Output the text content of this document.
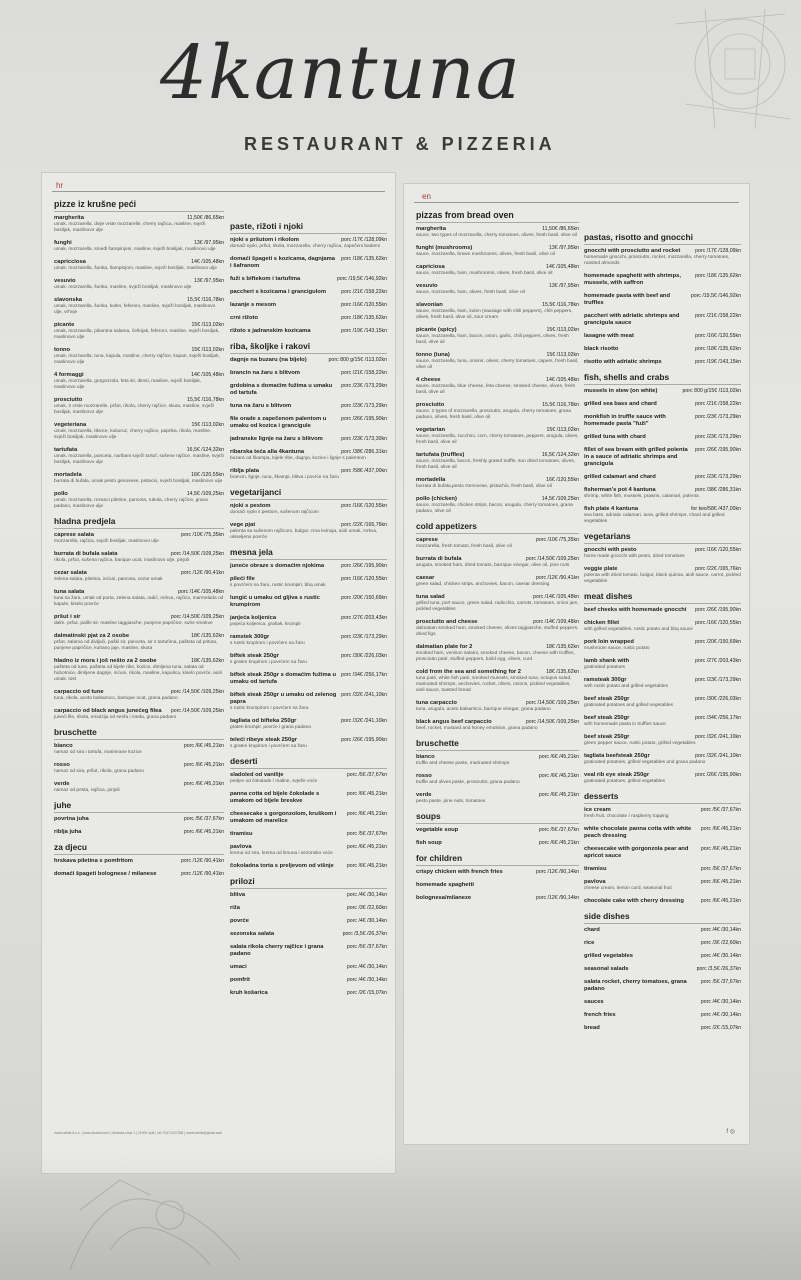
4kantuna
RESTAURANT & PIZZERIA
hr
pizze iz krušne peći
margherita	11,50€ /86,65kn
umak, mozzarella, dvije vrste mozzarelle, cherry rajčica, masline, svježi bosiljak, maslinovo ulje
funghi	13€ /97,95kn
umak, mozzarella, smeđi šampinjoni, masline, svježi bosiljak, maslinovo ulje
capricciosa	14€ /105,48kn
umak, mozzarella, šunka, šampinjoni, masline, svježi bosiljak, maslinovo ulje
vesuvio	13€ /97,95kn
umak, mozzarella, šunka, masline, svježi bosiljak, maslinovo ulje
slavonska	15,5€ /116,78kn
umak, mozzarella, šunka, kulen, feferoni, masline, svježi bosiljak, maslinovo ulje, vrhnje
picante	15€ /113,02kn
umak, mozzarella, pikantna salama, češnjak, feferoni, masline, svježi bosiljak, maslinovo ulje
tonno	15€ /113,02kn
umak, mozzarella, tuna, kapula, masline, cherry rajčice, kapari, svježi bosiljak, maslinovo ulje
4 formaggi	14€ /105,48kn
umak, mozzarella, gorgonzola, feta sir, dimsi, masline, svježi bosiljak, maslinovo ulje
prosciutto	15,5€ /116,78kn
umak, 2 vrste mozzarelle, pršut, rikola, cherry rajčice, skuta, masline, svježi bosiljak, maslinovo ulje
vegeteriana	15€ /113,02kn
umak, mozzarella, tikvice, kukuruz, cherry rajčice, paprika, rikola, masline, svježi bosiljak, maslinovo ulje
tartufata	16,5€ /124,32kn
umak, mozzarella, panceta, naribani svježi tartuf, sušene rajčice, masline, svježi bosiljak, maslinovo ulje
mortadela	16€ /120,55kn
burrata di bufala, umak pesto genovese, pistacio, svježi bosiljak, maslinovo ulje
pollo	14,5€ /109,25kn
umak, mozzarella, rezanci piletine, panceta, rukola, cherry rajčice, grana padano, maslinovo ulje
hladna predjela
caprese salata	porc /10€ /75,35kn
mozzarella, rajčica, svježi bosiljak, maslinovo ulje
burrata di bufala salata	porc /14,50€ /109,25kn
rikola, pršut, sušena rajčica, barique ocat, maslinovo ulje, pinjoli
cezar salata	porc /12€ /90,41kn
zelena salata, piletina, inćuni, panceta, cezar umak
tuna salata	porc /14€ /105,48kn
tuna sa žara, umak od porta, zelena salata, radić, mrkva, rajčica, marmelada od kapule, kiselo povrće
pršut i sir	porc /14,50€ /109,25kn
dalm. pršut, paški sir, masline taggiasche, punjene papričice, suhe smokve
dalmatinski pjat za 2 osobe	18€ /135,62kn
pršut, salama od divljači, paški sir, panceta, sir s tartufima, pašteta od prituta, punjene papričice, kuhano jaje, masline, skuta
hladno iz mora i još nešto za 2 osobe	18€ /135,62kn
pašteta od tune, pašteta od bijele ribe, kozice, dimljena tuna, salata od hobotnice, dimljene dagnje, inćuni, rikola, masline, kapulica, kiselo povrće, aioli umak, tost
carpaccio od tune	porc /14,50€ /109,25kn
tuna, rikola, aceto balsamico, barrique ocat, grana padano
carpaccio od black angus junećeg filea porc /14,50€ /109,25kn
juneći file, rikola, emulzija od senfa i meda, grana padano
bruschette
bianco	porc /6€ /45,21kn
namaz od sira i tartufa, marinirane kozice
rosso	porc /6€ /45,21kn
namaz od sira, pršut, rikola, grana padano
verde	porc /6€ /45,21kn
namaz od pesta, rajčica, pinjoli
juhe
povrtna juha	porc /5€ /37,67kn
riblja juha	porc /6€ /45,21kn
za djecu
hrskava piletina s pomfritom	porc /12€ /90,41kn
domaći špageti bolognese / milanese	porc /12€ /90,41kn
paste, rižoti i njoki
njoki s pršutom i rikolom	porc /17€ /128,09kn
domaći njoki, pršut, rikola, mozzarella, cherry rajčica, zapečeni bademi
domaći špageti s kozicama, dagnjama i šafranom
porc /18€ /135,62kn
fuži s biftekom i tartufima	porc /19,5€ /146,92kn
paccheri s kozicama i grancigulom	porc /21€ /158,22kn
lazanje s mesom	porc /16€ /120,55kn
crni rižoto	porc /18€ /135,62kn
rižoto s jadranskim kozicama	porc /19€ /143,15kn
riba, školjke i rakovi
dagnje na buzaru (na bijelo)	porc 800 g/15€ /113,02kn
brancin na žaru s blitvom	porc /21€ /158,22kn
grdobina s domaćim fužima u umaku od tartufa
porc /23€ /173,29kn
tuna na žaru s blitvom	porc /23€ /173,29kn
file orade s zapečenom palentom u umaku od kozica i grancigule
porc /26€ /195,90kn
jadranske lignje na žaru s blitvom	porc /23€ /173,30kn
ribarska teća alla 4kantuna	porc /38€ /286,31kn
buzara od škampa, bijele ribe, dagnja, kozice i lignje s palentom
riblja plata	porc /58€ /437,00kn
brancin, lignje, tuna, škampi, blitva i povrće na žaru
vegetarijanci
njoki s pestom	porc /16€ /120,55kn
domaći njoki s pestom, sušenom rajčicom
vege pjat	porc /22€ /165,76kn
palenta sa sušenom rajčicom, bulgur, crna kvinoja, aioli umak, mrkva, ukiseljeno povrće
mesna jela
juneće obraze s domaćim njokima	porc /26€ /195,90kn
pileći file	porc /16€ /120,55kn
s povrćem na žaru, rustic krumpiri, bbq umak
lungić u umaku od gljiva s rustic krumpirom
porc /20€ /150,69kn
janjeća koljenica	porc /27€ /203,43kn
janjeća koljenica, grašak, krumpir
ramstek 300gr	porc /23€ /173,29kn
s rustic krupirom i povrćem na žaru
biftek steak 250gr	porc /30€ /226,03kn
s graten krupirom i povrćem na žaru
biftek steak 250gr s domaćim fužima u umaku od tartufa
porc /34€ /256,17kn
biftek steak 250gr u umaku od zelenog papra
porc /32€ /241,10kn
s rustic krumpirom i povrćem sa žara
tagliata od bifteka 250gr	porc /32€ /241,10kn
graten krumpir, povrće i grana padano
teleći ribeye steak 250gr	porc /26€ /195,90kn
s graten krupirom i povrćem na žaru
deserti
sladoled od vanilije	porc /5€ /37,67kn
preljev od čokolade / maline, svježe voće
panna cotta od bijele čokolade s umakom od bijele breskve
porc /6€ /45,21kn
cheesecake s gorgonzolom, kruškom i umakom od marelice
porc /6€ /45,21kn
tiramisu	porc /5€ /37,67kn
pavlova	porc /6€ /45,21kn
krema od sira, krema od limuna i sezonsko voće
čokoladna torta s preljevom od višnje	porc /6€ /45,21kn
prilozi
blitva	porc /4€ /30,14kn
riža	porc /3€ /22,60kn
povrće	porc /4€ /30,14kn
sezonska salata	porc /3,5€ /26,37kn
salata rikola cherry rajčice i grana padano
porc /5€ /37,67kn
umaci	porc /4€ /30,14kn
pomfrit	porc /4€ /30,14kn
kruh košarica	porc /2€ /15,07kn
marin stella d.o.o. | www.4kantuna.hr | ribarska ulica 1 | 21000 split | oib 70471007258 | marin.stella@gmail.com
en
pizzas from bread oven
margherita	11,50€ /86,65kn
sauce, two types of mozzarella, cherry tomatoes, olives, fresh basil, olive oil
funghi (mushrooms)	13€ /97,95kn
sauce, mozzarella, brown mushrooms, olives, fresh basil, olive oil
capriciosa	14€ /105,48kn
sauce, mozzarella, ham, mushrooms, olives, fresh basil, olive oil
vesuvio	13€ /97,95kn
sauce, mozzarella, ham, olives, fresh basil, olive oil
slavonian	15,5€ /116,78kn
sauce, mozzarella, ham, kulen (sausage with chili peppers), chili peppers, olives, fresh basil, olive oil, sour cream
picante (spicy)	15€ /113,02kn
sauce, mozzarella, ham, bacon, onion, garlic, chili peppers, olives, fresh basil, olive oil
tonno (tuna)	15€ /113,02kn
sauce, mozzarella, tuna, onions, olives, cherry tomatoes, capers, fresh basil, olive oil
4 cheese	14€ /105,48kn
sauce, mozzarella, blue cheese, feta cheese, smoked cheese, olives, fresh basil, olive oil
prosciutto	15,5€ /116,78kn
sauce, 2 types of mozzarella, prosciutto, arugula, cherry tomatoes, grana padano, olives, fresh basil, olive oil
vegetarian	15€ /113,02kn
sauce, mozzarella, zucchini, corn, cherry tomatoes, peppers, arugula, olives, fresh basil, olive oil
tartufata (truffles)	16,5€ /124,32kn
sauce, mozzarella, bacon, freshly grated truffle, sun dried tomatoes, olives, fresh basil, olive oil
mortadella	16€ /120,55kn
burrata di bufala,pesto Genovese, pistachio, fresh basil, olive oil
pollo (chicken)	14,5€ /109,25kn
sauce, mozzarella, chicken strips, bacon, arugula, cherry tomatoes, grana padano, olive oil
cold appetizers
caprese	porc /10€ /75,35kn
mozzarella, fresh tomato, fresh basil, olive oil
burrata di bufala	porc /14,50€ /109,25kn
arugula, smoked ham, dried tomato, barrique vinegar, olive oil, pine nuts
caesar	porc /12€ /90,41kn
green salad, chicken strips, anchovies, bacon, caesar dressing
tuna salad	porc /14€ /105,48kn
grilled tuna, port sauce, green salad, radicchio, carrots, tomatoes, onion jam, pickled vegetables
prosciutto and cheese	porc /14€ /109,48kn
dalmatian smoked ham, smoked cheese, olives taggiasche, stuffed peppers, dried figs
dalmatian plate for 2	18€ /135,62kn
smoked ham, venison salami, smoked cheese, bacon, cheese with truffles, prosciutto paté, stuffed peppers, boild egg, olives, curd
cold from the sea and something for 2	18€ /135,62kn
tuna paté, white fish paté, smoked mussels, smoked tuna, octopus salad, marinated shrimps, anchovies, rocket, olives, onions, pickled vegetables, aioli sauce, toasted bread
tuna carpaccio	porc /14,50€ /109,25kn
tuna, arugula, aceto balsamico, barrique vinegar, grana padano
black angus beef carpaccio	porc /14,50€ /109,25kn
beef, rocket, mustard and honey emulsion, grana padano
bruschette
bianco	porc /6€ /45,21kn
truffle and cheese paste, marinated shrimps
rosso	porc /6€ /45,21kn
truffle and olives paste, prosciutto, grana padano
verde	porc /6€ /45,21kn
pesto paste, pine nuts, tomatoes
soups
vegetable soup	porc /5€ /37,67kn
fish soup	porc /6€ /45,21kn
for children
crispy chicken with french fries	porc /12€ /90,14kn
homemade spaghetti
bolognesa/milaneze	porc /12€ /90,14kn
pastas, risotto and gnocchi
gnocchi with prosciutto and rocket	porc /17€ /128,09kn
homemade gnocchi, prosciutto, rocket, mozzarella, cherry tomatoes, roasted almonds
homemade spaghetti with shrimps, mussels, with saffron
porc /18€ /135,62kn
homemade pasta with beef and truffles
porc /19,5€ /146,92kn
paccheri with adriatic shrimps and grancigula sauce
porc /21€ /158,22kn
lasagne with meat	porc /16€ /120,55kn
black risotto	porc /18€ /135,62kn
risotto with adriatic shrimps	porc /19€ /143,15kn
fish, shells and crabs
mussels in stew (on white)	porc 800 g/15€ /113,02kn
grilled sea bass and chard	porc /21€ /158,22kn
monkfish in truffle sauce with homemade pasta "fuži"
porc /23€ /173,29kn
grilled tuna with chard	porc /23€ /173,29kn
fillet of sea bream with grilled polenta in a sauce of adriatic shrimps and grancigula
porc /26€ /195,90kn
grilled calamari and chard	porc /23€ /173,29kn
fisherman's pot 4 kantuna	porc /38€ /286,31kn
shrimp, white fish, mussels, prawns, calamari, polenta
fish plate 4 kantuna	for two/58€ /437,00kn
sea bass, adriatic calamari, tuna, grilled shrimps, chard and grilled vegetables
vegetarians
gnocchi with pesto	porc /16€ /120,55kn
home made gnocchi with pesto, dried tomatoes
veggie plate	porc /22€ /165,76kn
polenta with dried tomato, bulgur, black quinoa, aioli sauce, carrot, pickled vegetables
meat dishes
beef cheeks with homemade gnocchi porc /26€ /195,90kn
chicken fillet	porc /16€ /120,55kn
with grilled vegetables, rustic potato and bbq sauce
pork loin wrapped	porc /20€ /150,69kn
mushroom sauce, rustic potato
lamb shank with	porc /27€ /203,43kn
gratinated potatoes
ramsteak 300gr	porc /23€ /173,29kn
with rustic potato and grilled vegetables
beef steak 250gr	porc /30€ /226,03kn
gratinated potatoes and grilled vegetables
beef steak 250gr	porc /34€ /256,17kn
with homemade pasta in truffles sauce
beef steak 250gr	porc /32€ /241,10kn
green pepper sauce, rustic potato, grilled vegetables
tagliata beefsteak 250gr	porc /32€ /241,10kn
gratinated potatoes, grilled vegetables and grana padano
veal rib eye steak 250gr	porc /26€ /195,90kn
gratinated potatoes, grilled vegetables
desserts
ice cream	porc /5€ /37,67kn
fresh fruit, chocolate / raspberry topping
white chocolate panna cotta with white peach dressing
porc /6€ /45,21kn
cheesecake with gorgonzola pear and apricot sauce
porc /6€ /45,21kn
tiramisu	porc /5€ /37,67kn
pavlova	porc /6€ /45,21kn
cheese cream, lemon curd, seasonal fruit
chocolate cake with cherry dressing	porc /6€ /45,21kn
side dishes
chard	porc /4€ /30,14kn
rice	porc /3€ /22,60kn
grilled vegetables	porc /4€ /30,14kn
seasonal salads	porc /3,5€ /26,37kn
salata rocket, cherry tomatoes, grana padano
porc /5€ /37,67kn
sauces	porc /4€ /30,14kn
french fries	porc /4€ /30,14kn
bread	porc /2€ /15,07kn
f ◎
